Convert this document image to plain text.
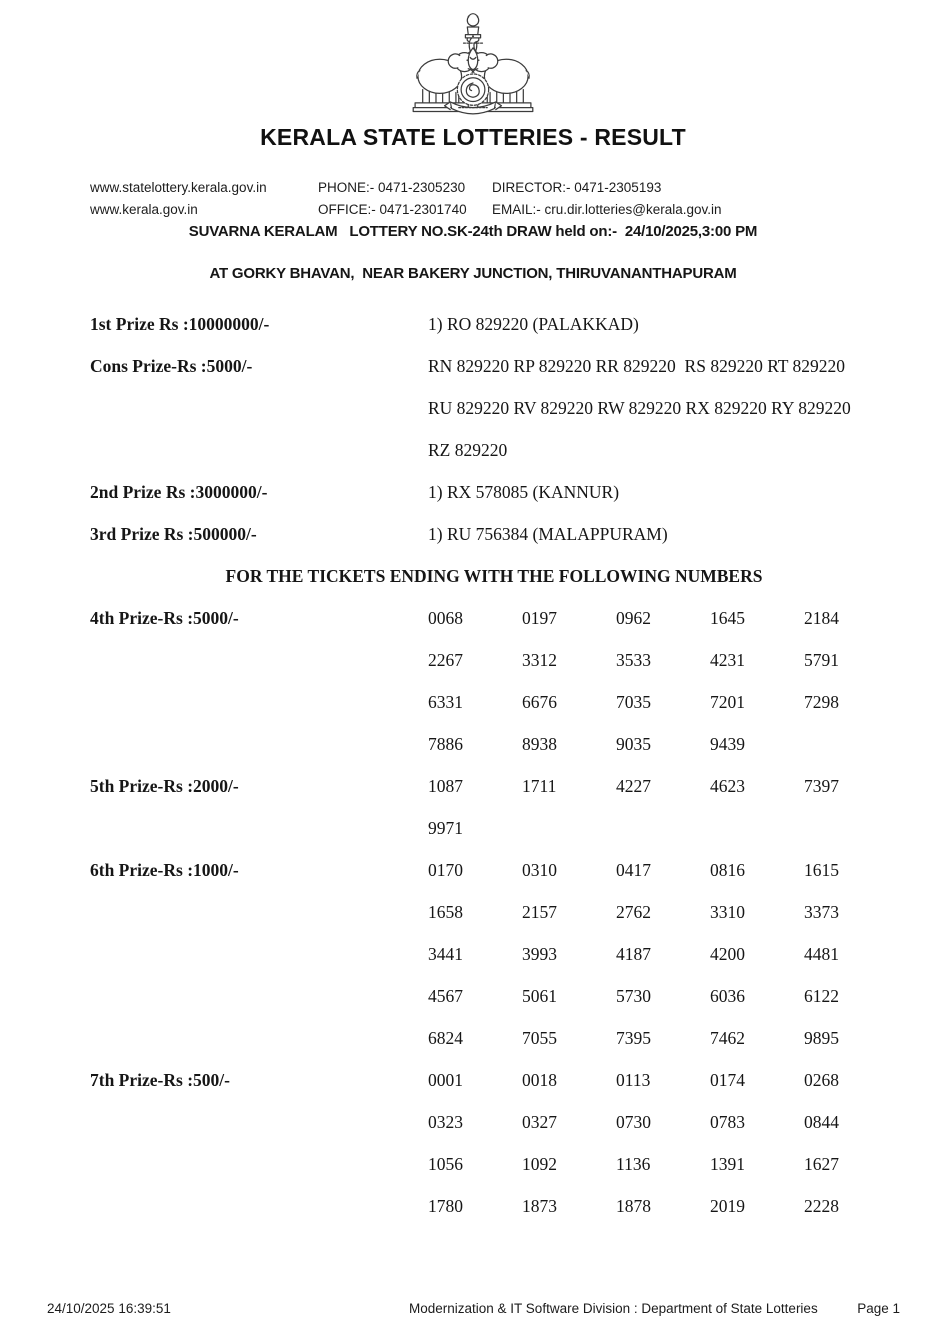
KERALA STATE LOTTERIES - RESULT
www.statelottery.kerala.gov.in	PHONE:- 0471-2305230	DIRECTOR:- 0471-2305193
www.kerala.gov.in	OFFICE:- 0471-2301740	EMAIL:- cru.dir.lotteries@kerala.gov.in
SUVARNA KERALAM   LOTTERY NO.SK-24th DRAW held on:-  24/10/2025,3:00 PM
AT GORKY BHAVAN,  NEAR BAKERY JUNCTION, THIRUVANANTHAPURAM
1st Prize Rs :10000000/-	1) RO 829220 (PALAKKAD)
Cons Prize-Rs :5000/-	RN 829220 RP 829220 RR 829220  RS 829220 RT 829220
RU 829220 RV 829220 RW 829220 RX 829220 RY 829220
RZ 829220
2nd Prize Rs :3000000/-	1) RX 578085 (KANNUR)
3rd Prize Rs :500000/-	1) RU 756384 (MALAPPURAM)
FOR THE TICKETS ENDING WITH THE FOLLOWING NUMBERS
4th Prize-Rs :5000/-	0068	0197	0962	1645	2184
2267	3312	3533	4231	5791
6331	6676	7035	7201	7298
7886	8938	9035	9439
5th Prize-Rs :2000/-	1087	1711	4227	4623	7397
9971
6th Prize-Rs :1000/-	0170	0310	0417	0816	1615
1658	2157	2762	3310	3373
3441	3993	4187	4200	4481
4567	5061	5730	6036	6122
6824	7055	7395	7462	9895
7th Prize-Rs :500/-	0001	0018	0113	0174	0268
0323	0327	0730	0783	0844
1056	1092	1136	1391	1627
1780	1873	1878	2019	2228
24/10/2025 16:39:51	Modernization & IT Software Division : Department of State Lotteries	Page 1
